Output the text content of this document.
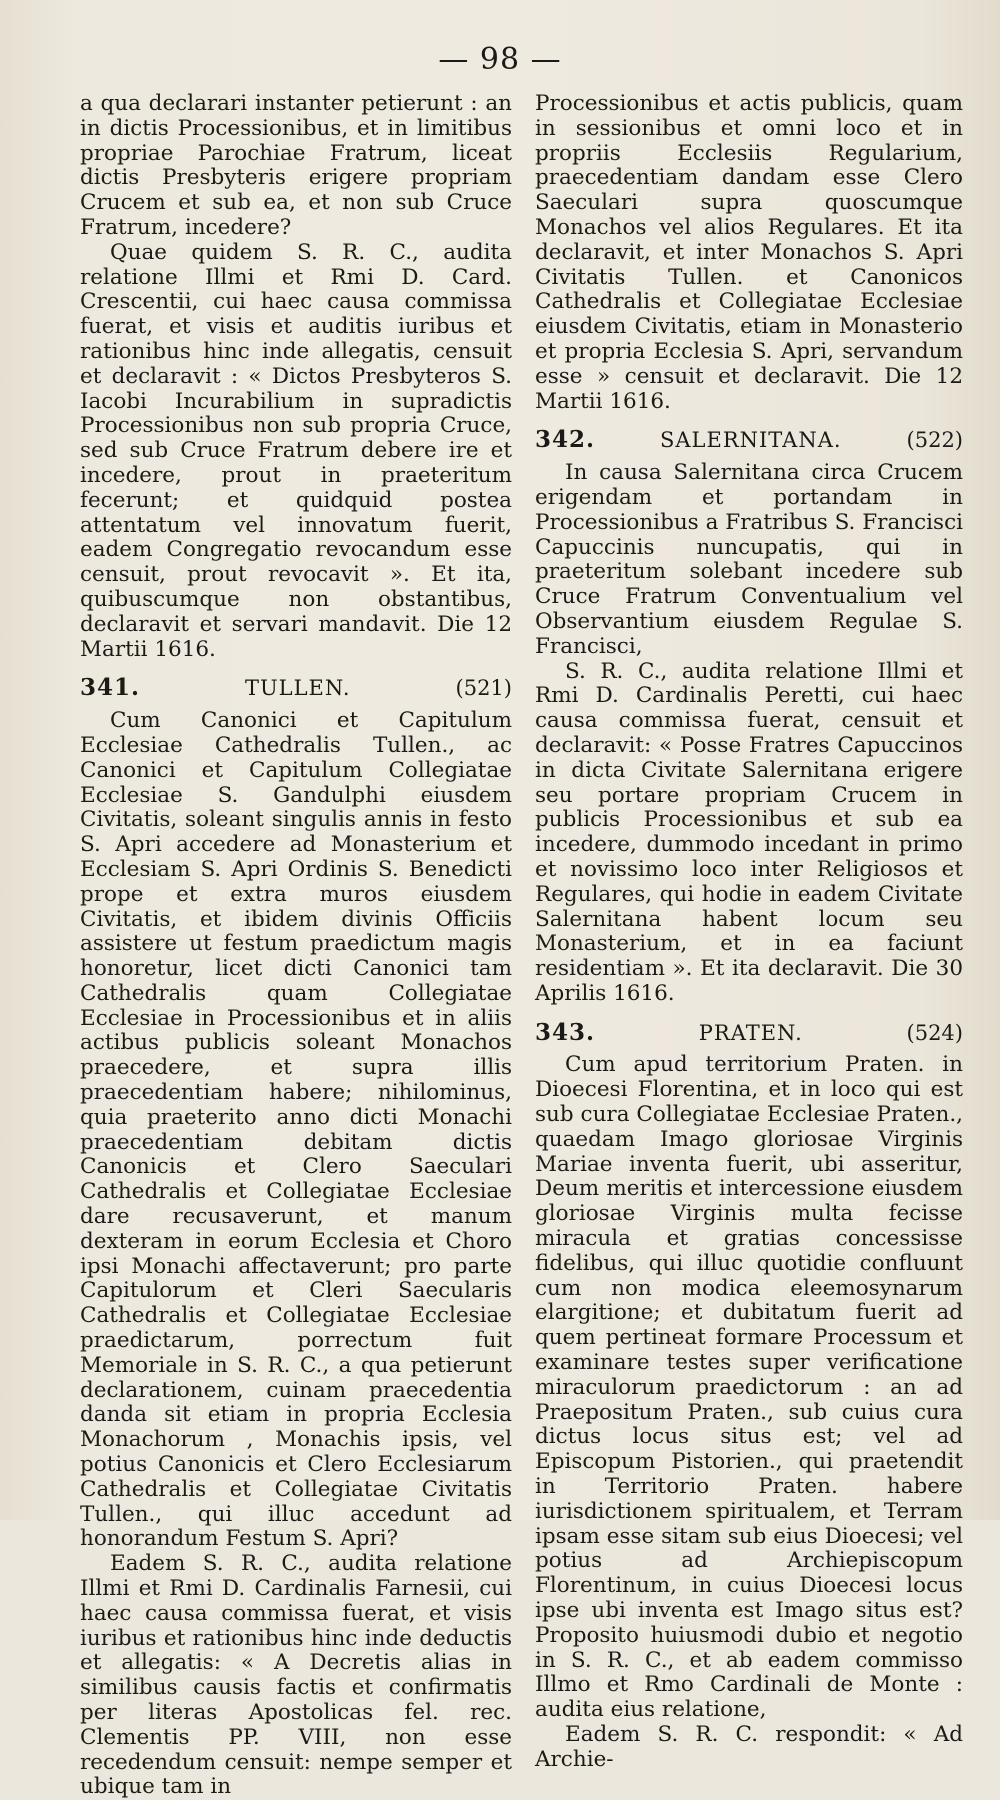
— 98 —

a qua declarari instanter petierunt : an in dictis Processionibus, et in limitibus propriae Parochiae Fratrum, liceat dictis Presbyteris erigere propriam Crucem et sub ea, et non sub Cruce Fratrum, incedere?

Quae quidem S. R. C., audita relatione Illmi et Rmi D. Card. Crescentii, cui haec causa commissa fuerat, et visis et auditis iuribus et rationibus hinc inde allegatis, censuit et declaravit : « Dictos Presbyteros S. Iacobi Incurabilium in supradictis Processionibus non sub propria Cruce, sed sub Cruce Fratrum debere ire et incedere, prout in praeteritum fecerunt; et quidquid postea attentatum vel innovatum fuerit, eadem Congregatio revocandum esse censuit, prout revocavit ». Et ita, quibuscumque non obstantibus, declaravit et servari mandavit. Die 12 Martii 1616.

341.	TULLEN.	(521)

Cum Canonici et Capitulum Ecclesiae Cathedralis Tullen., ac Canonici et Capitulum Collegiatae Ecclesiae S. Gandulphi eiusdem Civitatis, soleant singulis annis in festo S. Apri accedere ad Monasterium et Ecclesiam S. Apri Ordinis S. Benedicti prope et extra muros eiusdem Civitatis, et ibidem divinis Officiis assistere ut festum praedictum magis honoretur, licet dicti Canonici tam Cathedralis quam Collegiatae Ecclesiae in Processionibus et in aliis actibus publicis soleant Monachos praecedere, et supra illis praecedentiam habere; nihilominus, quia praeterito anno dicti Monachi praecedentiam debitam dictis Canonicis et Clero Saeculari Cathedralis et Collegiatae Ecclesiae dare recusaverunt, et manum dexteram in eorum Ecclesia et Choro ipsi Monachi affectaverunt; pro parte Capitulorum et Cleri Saecularis Cathedralis et Collegiatae Ecclesiae praedictarum, porrectum fuit Memoriale in S. R. C., a qua petierunt declarationem, cuinam praecedentia danda sit etiam in propria Ecclesia Monachorum , Monachis ipsis, vel potius Canonicis et Clero Ecclesiarum Cathedralis et Collegiatae Civitatis Tullen., qui illuc accedunt ad honorandum Festum S. Apri?

Eadem S. R. C., audita relatione Illmi et Rmi D. Cardinalis Farnesii, cui haec causa commissa fuerat, et visis iuribus et rationibus hinc inde deductis et allegatis: « A Decretis alias in similibus causis factis et confirmatis per literas Apostolicas fel. rec. Clementis PP. VIII, non esse recedendum censuit: nempe semper et ubique tam in

Processionibus et actis publicis, quam in sessionibus et omni loco et in propriis Ecclesiis Regularium, praecedentiam dandam esse Clero Saeculari supra quoscumque Monachos vel alios Regulares. Et ita declaravit, et inter Monachos S. Apri Civitatis Tullen. et Canonicos Cathedralis et Collegiatae Ecclesiae eiusdem Civitatis, etiam in Monasterio et propria Ecclesia S. Apri, servandum esse » censuit et declaravit. Die 12 Martii 1616.

342.	SALERNITANA.	(522)

In causa Salernitana circa Crucem erigendam et portandam in Processionibus a Fratribus S. Francisci Capuccinis nuncupatis, qui in praeteritum solebant incedere sub Cruce Fratrum Conventualium vel Observantium eiusdem Regulae S. Francisci,

S. R. C., audita relatione Illmi et Rmi D. Cardinalis Peretti, cui haec causa commissa fuerat, censuit et declaravit: « Posse Fratres Capuccinos in dicta Civitate Salernitana erigere seu portare propriam Crucem in publicis Processionibus et sub ea incedere, dummodo incedant in primo et novissimo loco inter Religiosos et Regulares, qui hodie in eadem Civitate Salernitana habent locum seu Monasterium, et in ea faciunt residentiam ». Et ita declaravit. Die 30 Aprilis 1616.

343.	PRATEN.	(524)

Cum apud territorium Praten. in Dioecesi Florentina, et in loco qui est sub cura Collegiatae Ecclesiae Praten., quaedam Imago gloriosae Virginis Mariae inventa fuerit, ubi asseritur, Deum meritis et intercessione eiusdem gloriosae Virginis multa fecisse miracula et gratias concessisse fidelibus, qui illuc quotidie confluunt cum non modica eleemosynarum elargitione; et dubitatum fuerit ad quem pertineat formare Processum et examinare testes super verificatione miraculorum praedictorum : an ad Praepositum Praten., sub cuius cura dictus locus situs est; vel ad Episcopum Pistorien., qui praetendit in Territorio Praten. habere iurisdictionem spiritualem, et Terram ipsam esse sitam sub eius Dioecesi; vel potius ad Archiepiscopum Florentinum, in cuius Dioecesi locus ipse ubi inventa est Imago situs est? Proposito huiusmodi dubio et negotio in S. R. C., et ab eadem commisso Illmo et Rmo Cardinali de Monte : audita eius relatione,

Eadem S. R. C. respondit: « Ad Archie-
